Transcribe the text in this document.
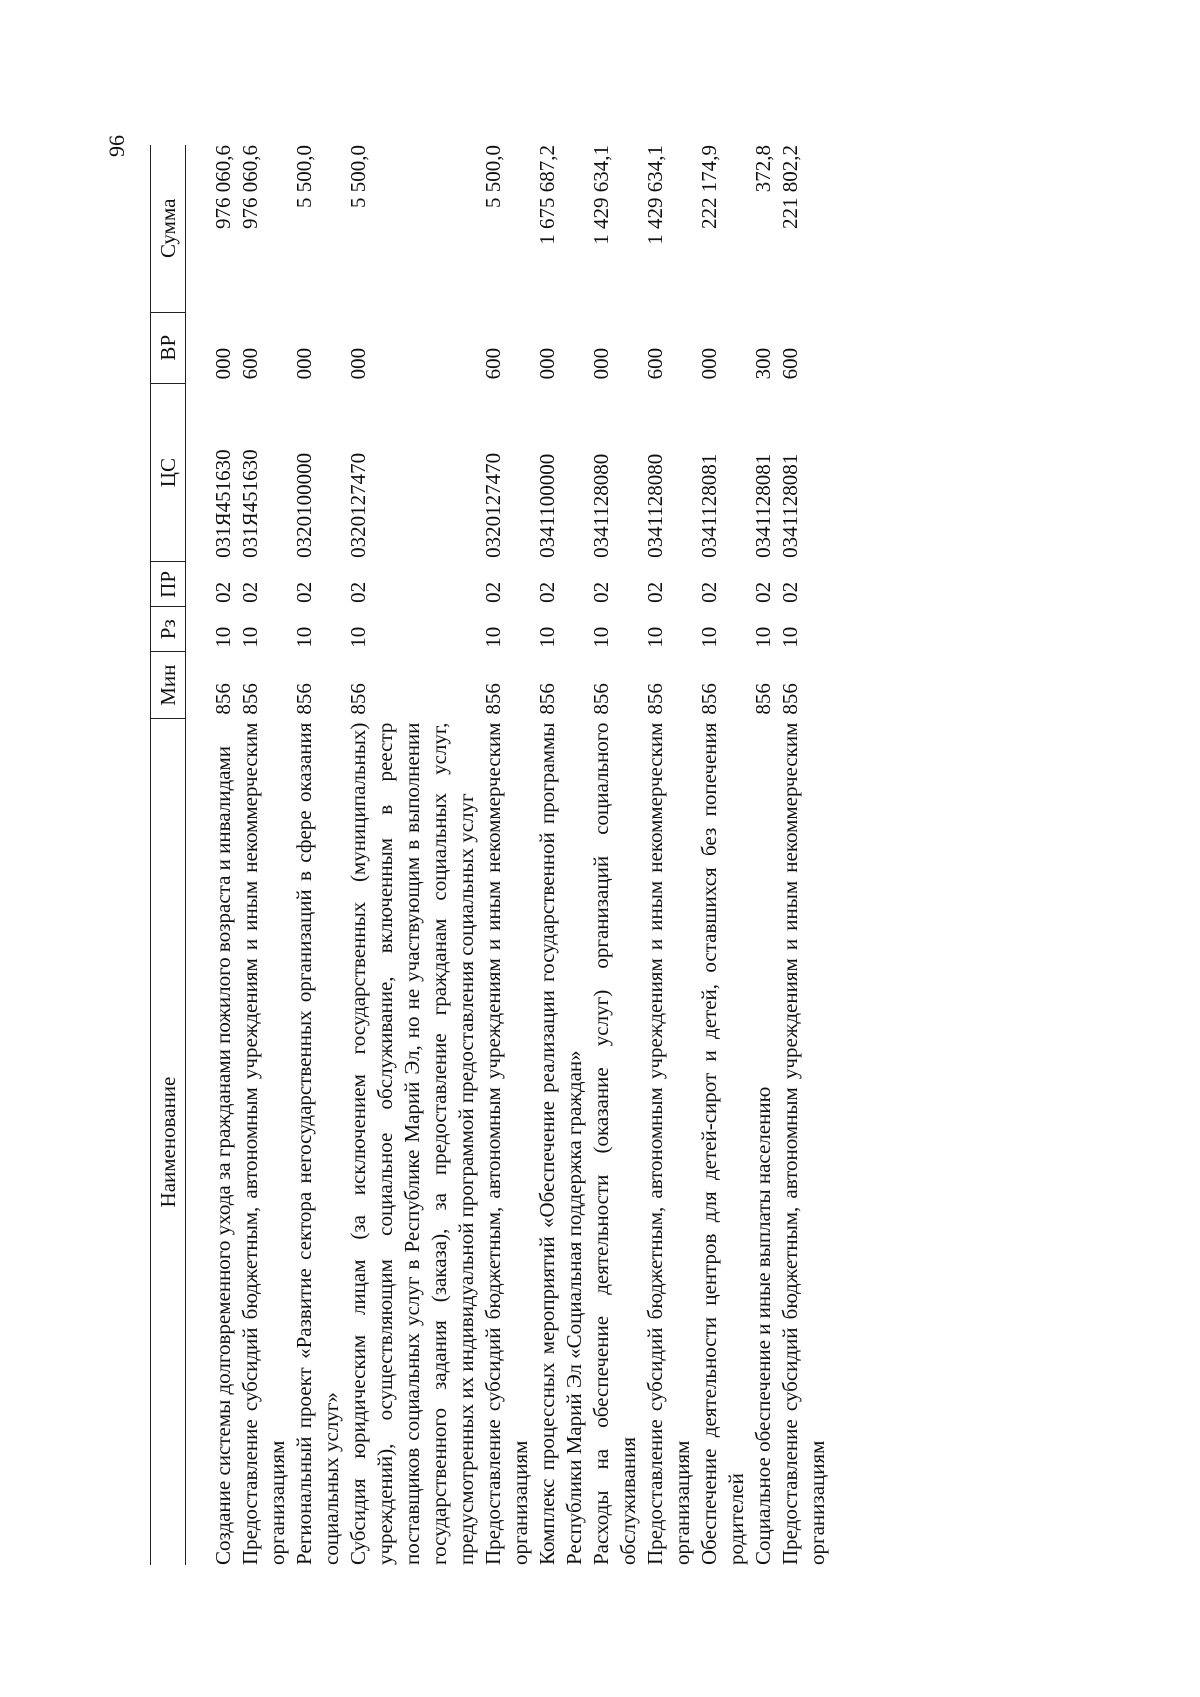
96
Наименование	Мин	Рз	ПР	ЦС	ВР	Сумма

Создание системы долговременного ухода за гражданами пожилого возраста и инвалидами	856	10	02	031Я451630	000	976 060,6
Предоставление субсидий бюджетным, автономным учреждениям и иным некоммерческим организациям	856	10	02	031Я451630	600	976 060,6
Региональный проект «Развитие сектора негосударственных организаций в сфере оказания социальных услуг»	856	10	02	0320100000	000	5 500,0
Субсидия юридическим лицам (за исключением государственных (муниципальных) учреждений), осуществляющим социальное обслуживание, включенным в реестр поставщиков социальных услуг в Республике Марий Эл, но не участвующим в выполнении государственного задания (заказа), за предоставление гражданам социальных услуг, предусмотренных их индивидуальной программой предоставления социальных услуг	856	10	02	0320127470	000	5 500,0
Предоставление субсидий бюджетным, автономным учреждениям и иным некоммерческим организациям	856	10	02	0320127470	600	5 500,0
Комплекс процессных мероприятий «Обеспечение реализации государственной программы Республики Марий Эл «Социальная поддержка граждан»	856	10	02	0341100000	000	1 675 687,2
Расходы на обеспечение деятельности (оказание услуг) организаций социального обслуживания	856	10	02	0341128080	000	1 429 634,1
Предоставление субсидий бюджетным, автономным учреждениям и иным некоммерческим организациям	856	10	02	0341128080	600	1 429 634,1
Обеспечение деятельности центров для детей-сирот и детей, оставшихся без попечения родителей	856	10	02	0341128081	000	222 174,9
Социальное обеспечение и иные выплаты населению	856	10	02	0341128081	300	372,8
Предоставление субсидий бюджетным, автономным учреждениям и иным некоммерческим организациям	856	10	02	0341128081	600	221 802,2
